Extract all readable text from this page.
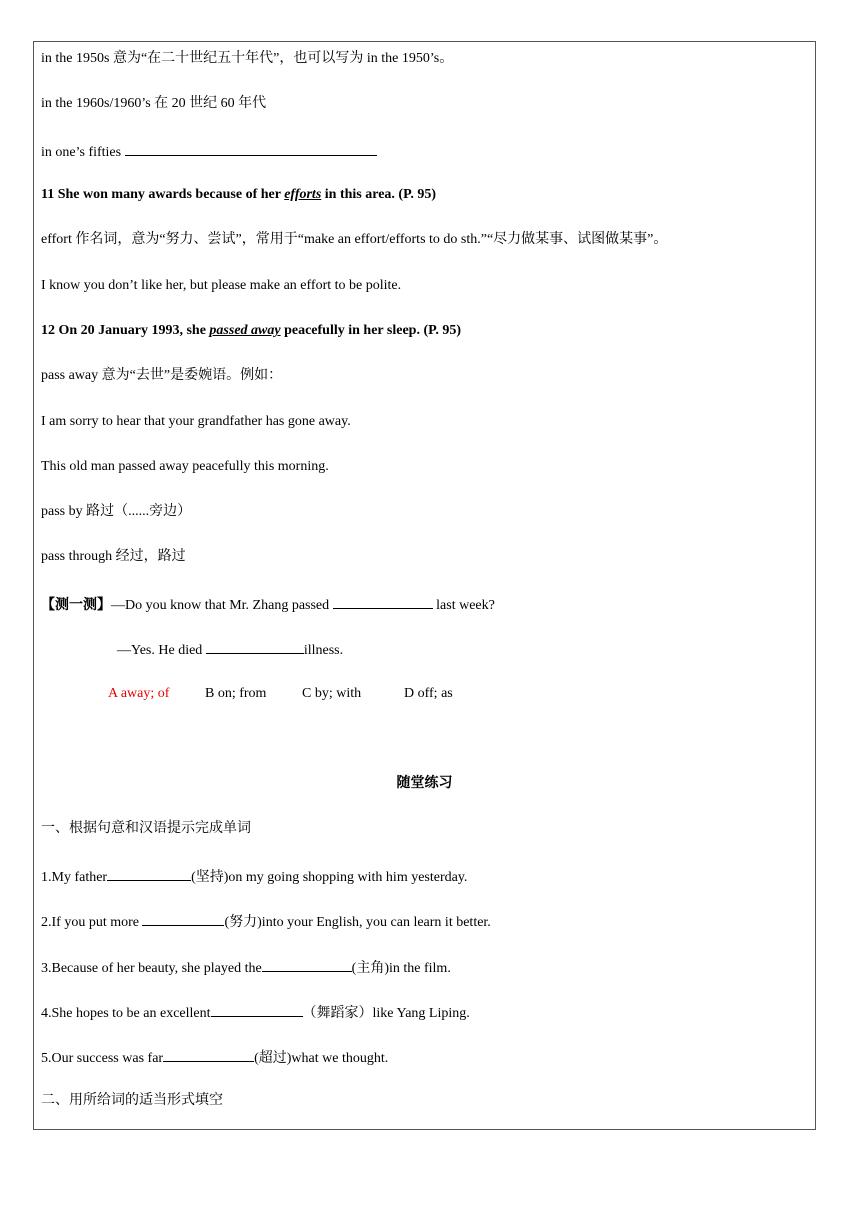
in the 1950s 意为“在二十世纪五十年代”，也可以写为 in the 1950’s。
in the 1960s/1960’s 在 20 世纪 60 年代
in one’s fifties
11 She won many awards because of her efforts in this area. (P. 95)
effort 作名词，意为“努力、尝试”，常用于“make an effort/efforts to do sth.”“尽力做某事、试图做某事”。
I know you don’t like her, but please make an effort to be polite.
12 On 20 January 1993, she passed away peacefully in her sleep. (P. 95)
pass away 意为“去世”是委婉语。例如：
I am sorry to hear that your grandfather has gone away.
This old man passed away peacefully this morning.
pass by 路过（......旁边）
pass through 经过，路过
【测一测】—Do you know that Mr. Zhang passed	last week?
—Yes. He died	illness.
A away; of	B on; from	C by; with	D off; as
随堂练习
一、根据句意和汉语提示完成单词
1.My father	(坚持)on my going shopping with him yesterday.
2.If you put more	(努力)into your English, you can learn it better.
3.Because of her beauty, she played the	(主角)in the film.
4.She hopes to be an excellent	（舞蹈家）like Yang Liping.
5.Our success was far	(超过)what we thought.
二、用所给词的适当形式填空
